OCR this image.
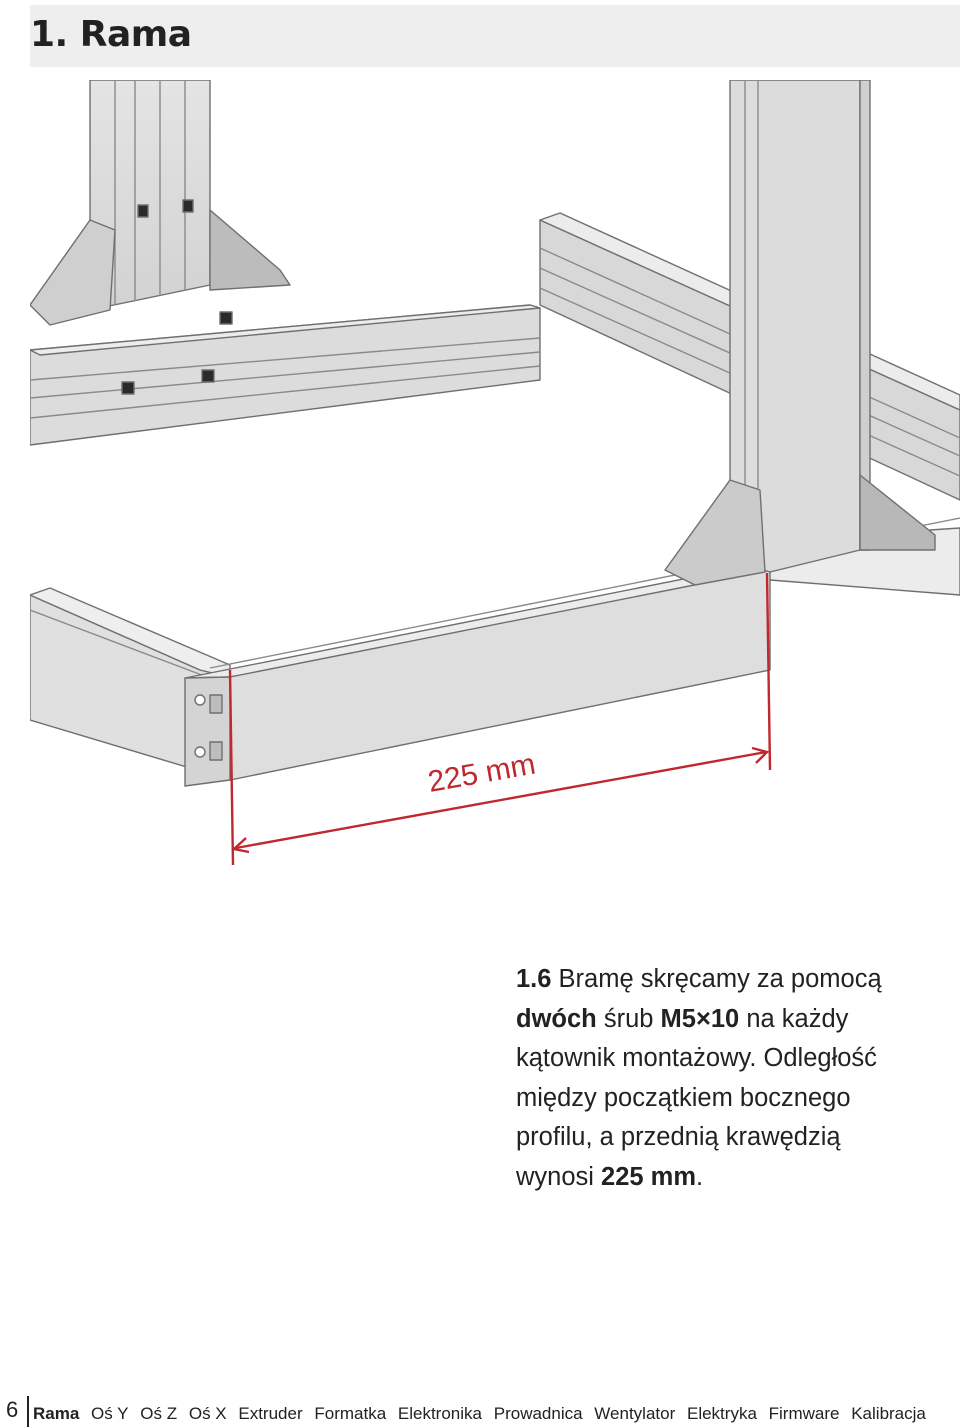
1. Rama
225 mm
1.6 Bramę skręcamy za pomocą
dwóch śrub M5×10 na każdy
kątownik montażowy. Odległość
między początkiem bocznego
profilu, a przednią krawędzią
wynosi 225 mm.
6 Rama Oś Y Oś Z Oś X Extruder Formatka Elektronika Prowadnica Wentylator Elektryka Firmware Kalibracja
